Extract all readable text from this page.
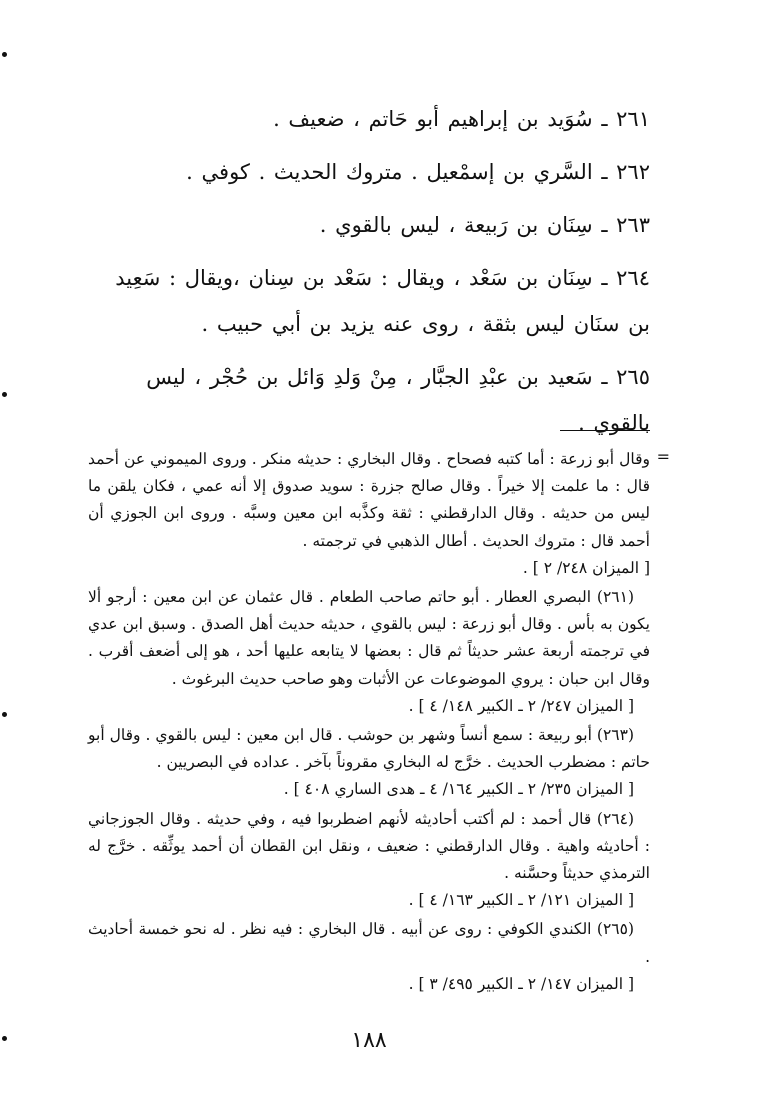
٢٦١ ـ سُوَيد بن إبراهيم أبو حَاتم ، ضعيف .

٢٦٢ ـ السَّري بن إسمْعيل . متروك الحديث . كوفي .

٢٦٣ ـ سِنَان بن رَبيعة ، ليس بالقوي .

٢٦٤ ـ سِنَان بن سَعْد ، ويقال : سَعْد بن سِنان ،ويقال : سَعِيد بن سنَان ليس بثقة ، روى عنه يزيد بن أبي حبيب .

٢٦٥ ـ سَعيد بن عبْدِ الجبَّار ، مِنْ وَلدِ وَائل بن حُجْر ، ليس بالقوي .

=

وقال أبو زرعة : أما كتبه فصحاح . وقال البخاري : حديثه منكر . وروى الميموني عن أحمد قال : ما علمت إلا خيراً . وقال صالح جزرة : سويد صدوق إلا أنه عمي ، فكان يلقن ما ليس من حديثه . وقال الدارقطني : ثقة وكذَّبه ابن معين وسبَّه . وروى ابن الجوزي أن أحمد قال : متروك الحديث . أطال الذهبي في ترجمته .
[ الميزان ٢٤٨/ ٢ ] .

(٢٦١) البصري العطار . أبو حاتم صاحب الطعام . قال عثمان عن ابن معين : أرجو ألا يكون به بأس . وقال أبو زرعة : ليس بالقوي ، حديثه حديث أهل الصدق . وسبق ابن عدي في ترجمته أربعة عشر حديثاً ثم قال : بعضها لا يتابعه عليها أحد ، هو إلى أضعف أقرب . وقال ابن حبان : يروي الموضوعات عن الأثبات وهو صاحب حديث البرغوث .
[ الميزان ٢٤٧/ ٢ ـ الكبير ١٤٨/ ٤ ] .

(٢٦٣) أبو ربيعة : سمع أنساً وشهر بن حوشب . قال ابن معين : ليس بالقوي . وقال أبو حاتم : مضطرب الحديث . خرَّج له البخاري مقروناً بآخر . عداده في البصريين .
[ الميزان ٢٣٥/ ٢ ـ الكبير ١٦٤/ ٤ ـ هدى الساري ٤٠٨ ] .

(٢٦٤) قال أحمد : لم أكتب أحاديثه لأنهم اضطربوا فيه ، وفي حديثه . وقال الجوزجاني : أحاديثه واهية . وقال الدارقطني : ضعيف ، ونقل ابن القطان أن أحمد يوثِّقه . خرَّج له الترمذي حديثاً وحسَّنه .
[ الميزان ١٢١/ ٢ ـ الكبير ١٦٣/ ٤ ] .

(٢٦٥) الكندي الكوفي : روى عن أبيه . قال البخاري : فيه نظر . له نحو خمسة أحاديث .
[ الميزان ١٤٧/ ٢ ـ الكبير ٤٩٥/ ٣ ] .

١٨٨
